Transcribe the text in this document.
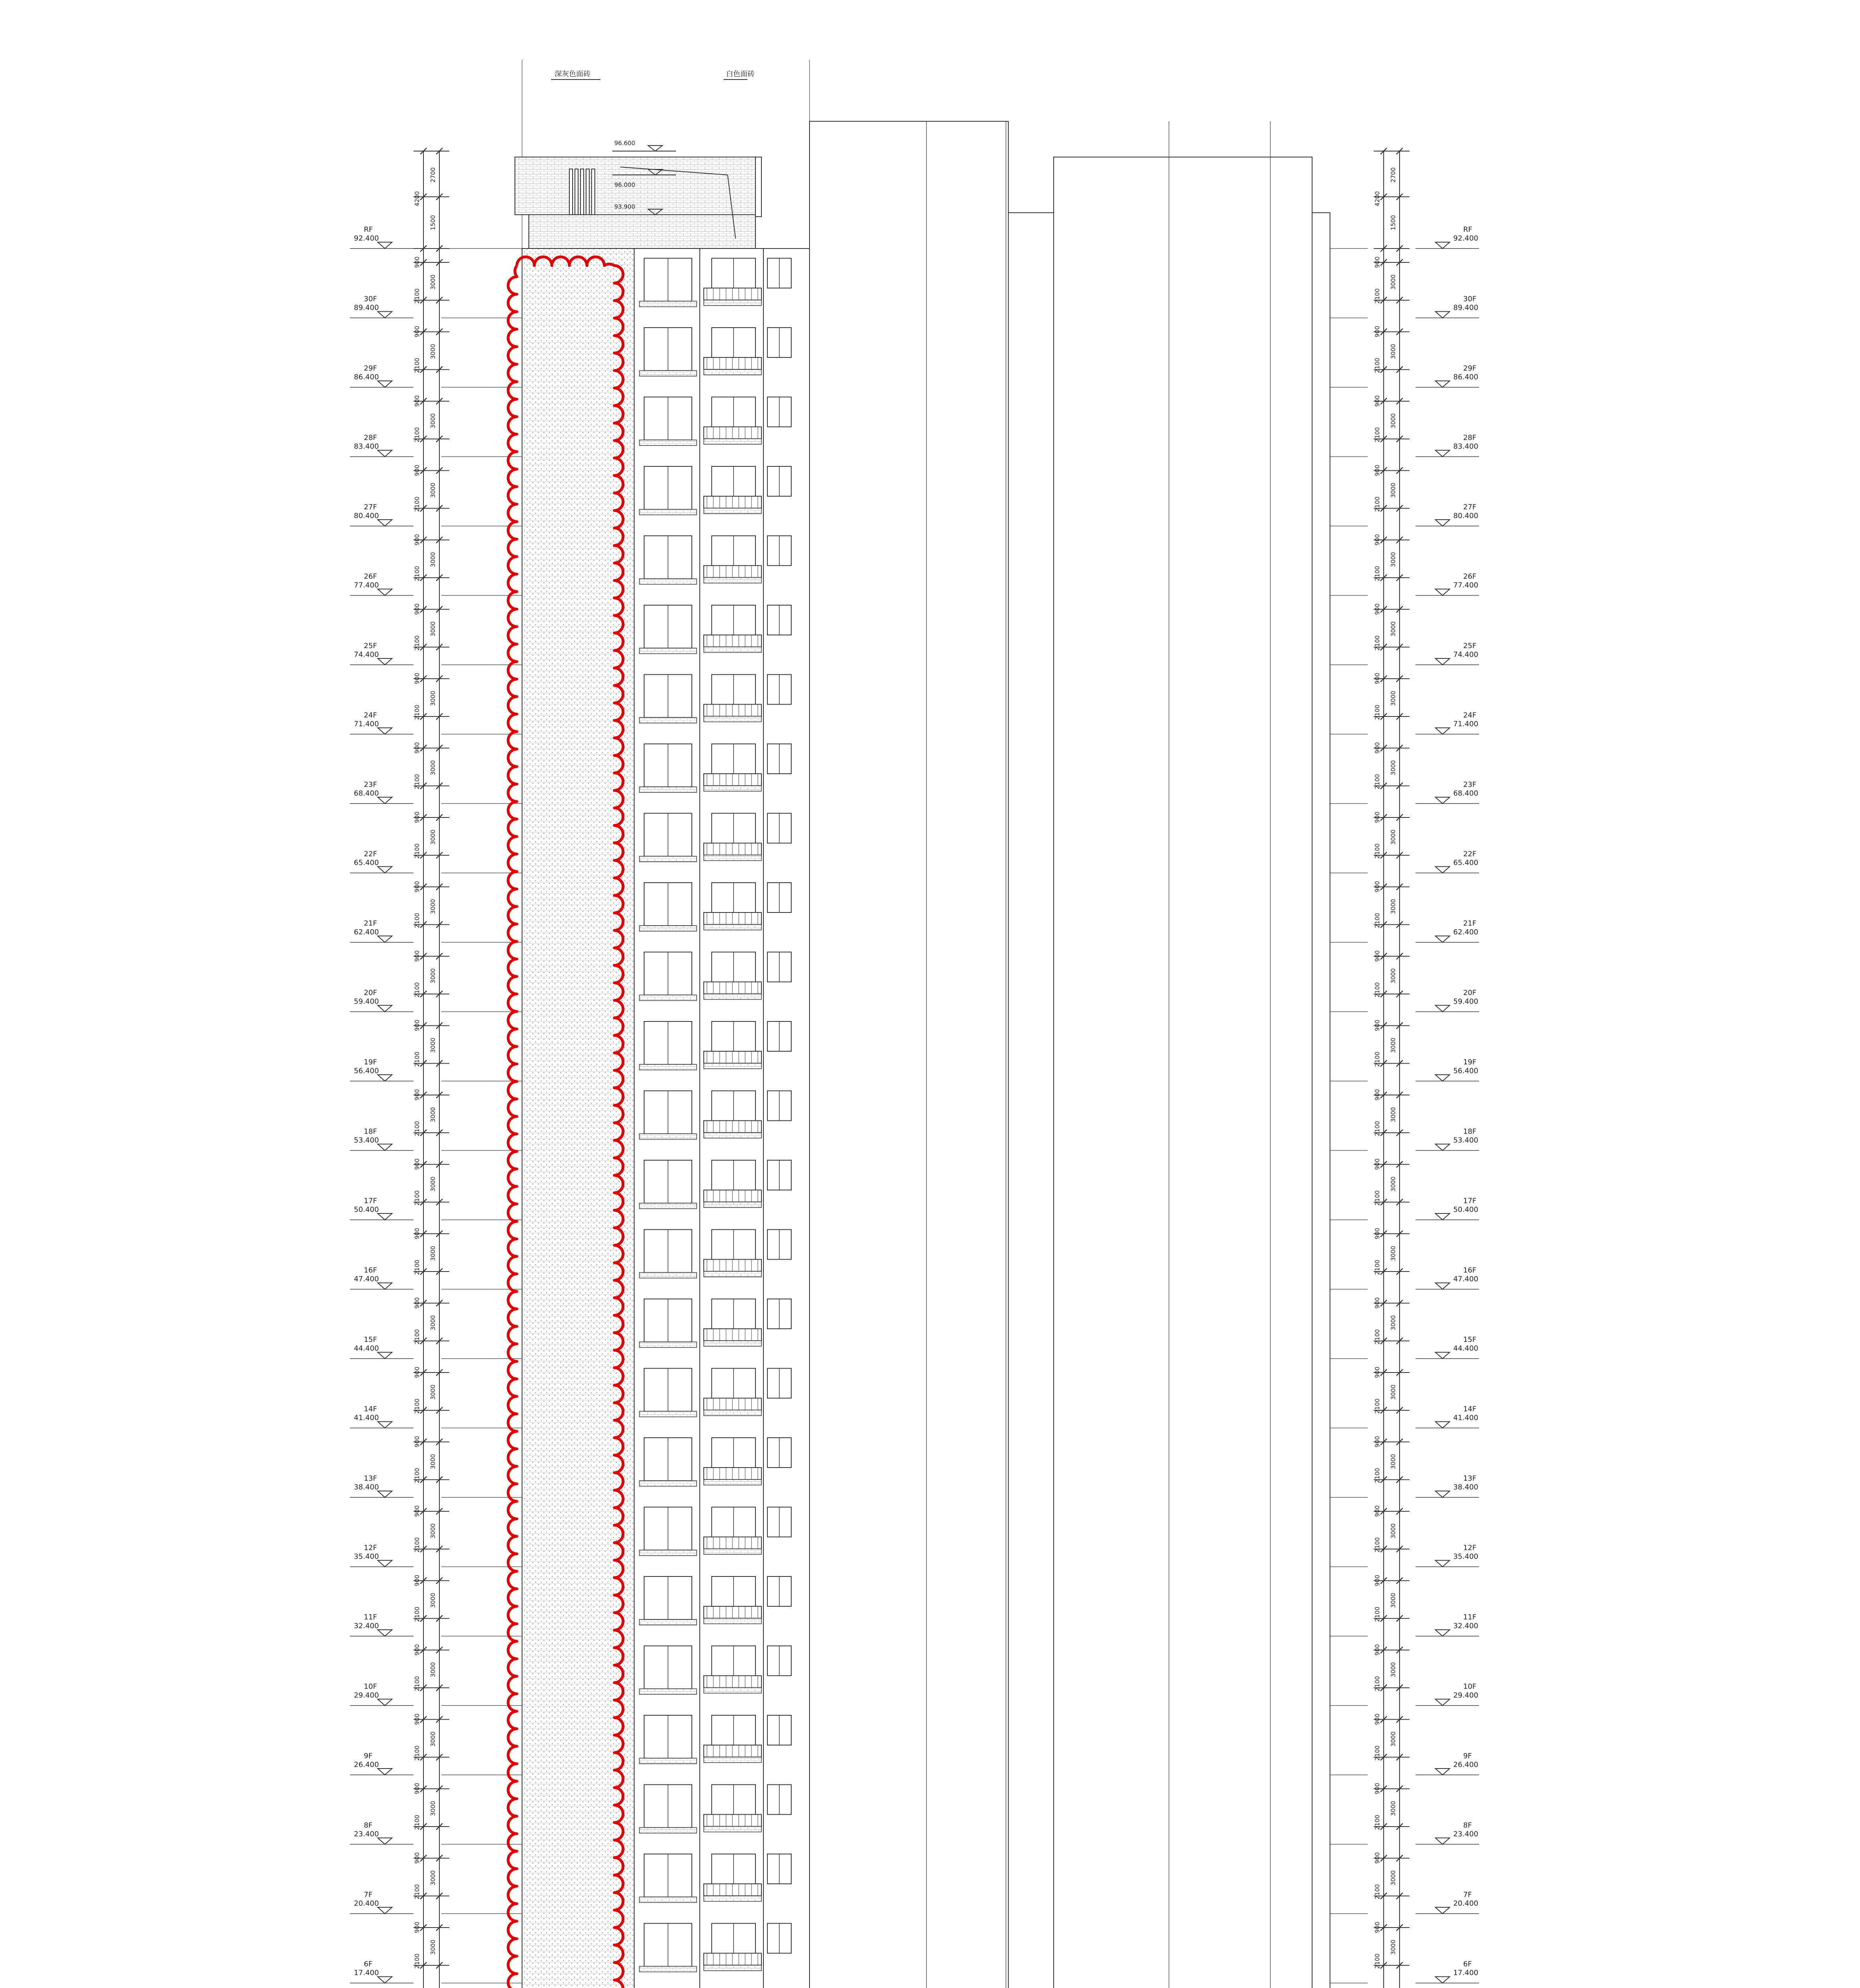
3000
2100
900
3000
2100
900
3000
2100
900
3000
2100
900
3000
2100
900
3000
2100
900
3000
2100
900
3000
2100
900
3000
2100
900
3000
2100
900
3000
2100
900
3000
2100
900
3000
2100
900
3000
2100
900
3000
2100
900
3000
2100
900
3000
2100
900
3000
2100
900
3000
2100
900
3000
2100
900
3000
2100
900
3000
2100
900
3000
2100
900
3000
2100
900
3000
2100
900
3000
2100
900
3000
2100
900
3000
2100
900
3000
2100
900
3000
2100
900
3000
2100
900
3000
2100
900
3000
2100
900
3000
2100
900
3000
2100
900
3000
2100
900
3000
2100
900
3000
2100
900
3000
2100
900
3000
2100
900
3000
2100
900
3000
2100
900
3000
2100
900
3000
2100
900
3000
2100
900
3000
2100
900
3000
2100
900
3000
2100
900
3000
2100
900
3000
2100
900
2700
1500
4200
2700
1500
4200
RF
92.400
RF
92.400
30F
89.400
30F
89.400
29F
86.400
29F
86.400
28F
83.400
28F
83.400
27F
80.400
27F
80.400
26F
77.400
26F
77.400
25F
74.400
25F
74.400
24F
71.400
24F
71.400
23F
68.400
23F
68.400
22F
65.400
22F
65.400
21F
62.400
21F
62.400
20F
59.400
20F
59.400
19F
56.400
19F
56.400
18F
53.400
18F
53.400
17F
50.400
17F
50.400
16F
47.400
16F
47.400
15F
44.400
15F
44.400
14F
41.400
14F
41.400
13F
38.400
13F
38.400
12F
35.400
12F
35.400
11F
32.400
11F
32.400
10F
29.400
10F
29.400
9F
26.400
9F
26.400
8F
23.400
8F
23.400
7F
20.400
7F
20.400
6F
17.400
6F
17.400
深灰色面砖	白色面砖
96.600
96.000
93.900
